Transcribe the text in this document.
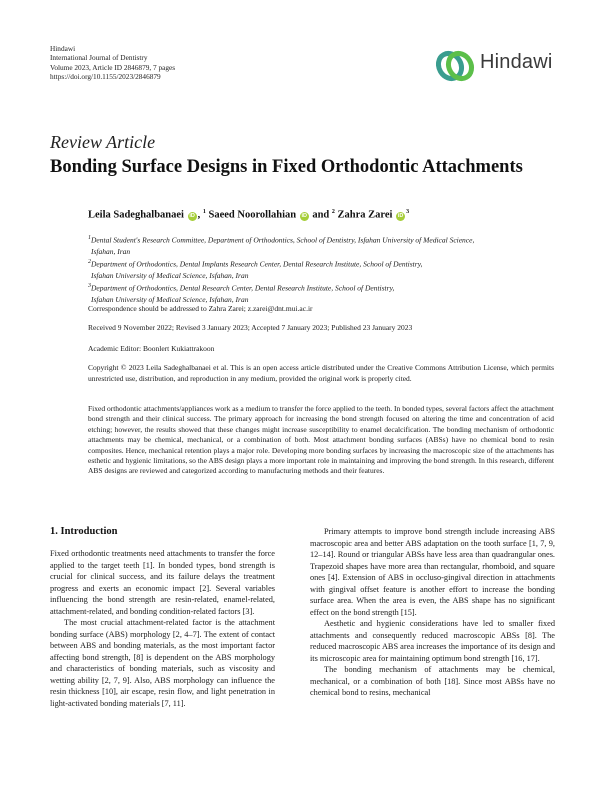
Hindawi
International Journal of Dentistry
Volume 2023, Article ID 2846879, 7 pages
https://doi.org/10.1155/2023/2846879
Hindawi
Review Article
Bonding Surface Designs in Fixed Orthodontic Attachments
Leila Sadeghalbanaei iD , $^1$ Saeed Noorollahian iD and $^2$ Zahra Zarei $iD^3$
$^1$Dental Student's Research Committee, Department of Orthodontics, School of Dentistry, Isfahan University of Medical Science,
Isfahan, Iran
$^2$Department of Orthodontics, Dental Implants Research Center, Dental Research Institute, School of Dentistry,
Isfahan University of Medical Science, Isfahan, Iran
$^3$Department of Orthodontics, Dental Research Center, Dental Research Institute, School of Dentistry,
Isfahan University of Medical Science, Isfahan, Iran
Correspondence should be addressed to Zahra Zarei; z.zarei@dnt.mui.ac.ir
Received 9 November 2022; Revised 3 January 2023; Accepted 7 January 2023; Published 23 January 2023
Academic Editor: Boonlert Kukiattrakoon
Copyright © 2023 Leila Sadeghalbanaei et al. This is an open access article distributed under the Creative Commons Attribution License, which permits unrestricted use, distribution, and reproduction in any medium, provided the original work is properly cited.
Fixed orthodontic attachments/appliances work as a medium to transfer the force applied to the teeth. In bonded types, several factors affect the attachment bond strength and their clinical success. The primary approach for increasing the bond strength focused on altering the time and concentration of acid etching; however, the results showed that these changes might increase susceptibility to enamel decalcification. The bonding mechanism of orthodontic attachments may be chemical, mechanical, or a combination of both. Most attachment bonding surfaces (ABSs) have no chemical bond to resin composites. Hence, mechanical retention plays a major role. Developing more bonding surfaces by increasing the macroscopic size of the attachments has esthetic and hygienic limitations, so the ABS design plays a more important role in maintaining and improving the bond strength. In this research, different ABS designs are reviewed and categorized according to manufacturing methods and their features.
1. Introduction

Fixed orthodontic treatments need attachments to transfer the force applied to the target teeth [1]. In bonded types, bond strength is crucial for clinical success, and its failure delays the treatment progress and exerts an economic impact [2]. Several variables influencing the bond strength are resin-related, enamel-related, attachment-related, and bonding condition-related factors [3].

The most crucial attachment-related factor is the attachment bonding surface (ABS) morphology [2, 4–7]. The extent of contact between ABS and bonding materials, as the most important factor affecting bond strength, [8] is dependent on the ABS morphology and characteristics of bonding materials, such as viscosity and wetting ability [2, 7, 9]. Also, ABS morphology can influence the resin thickness [10], air escape, resin flow, and light penetration in light-activated bonding materials [7, 11].

Primary attempts to improve bond strength include increasing ABS macroscopic area and better ABS adaptation on the tooth surface [1, 7, 9, 12–14]. Round or triangular ABSs have less area than quadrangular ones. Trapezoid shapes have more area than rectangular, rhomboid, and square ones [4]. Extension of ABS in occluso-gingival direction in attachments with gingival offset feature is another effort to increase the bonding surface area. When the area is even, the ABS shape has no significant effect on the bond strength [15].

Aesthetic and hygienic considerations have led to smaller fixed attachments and consequently reduced macroscopic ABSs [8]. The reduced macroscopic ABS area increases the importance of its design and its microscopic area for maintaining optimum bond strength [16, 17].

The bonding mechanism of attachments may be chemical, mechanical, or a combination of both [18]. Since most ABSs have no chemical bond to resins, mechanical
